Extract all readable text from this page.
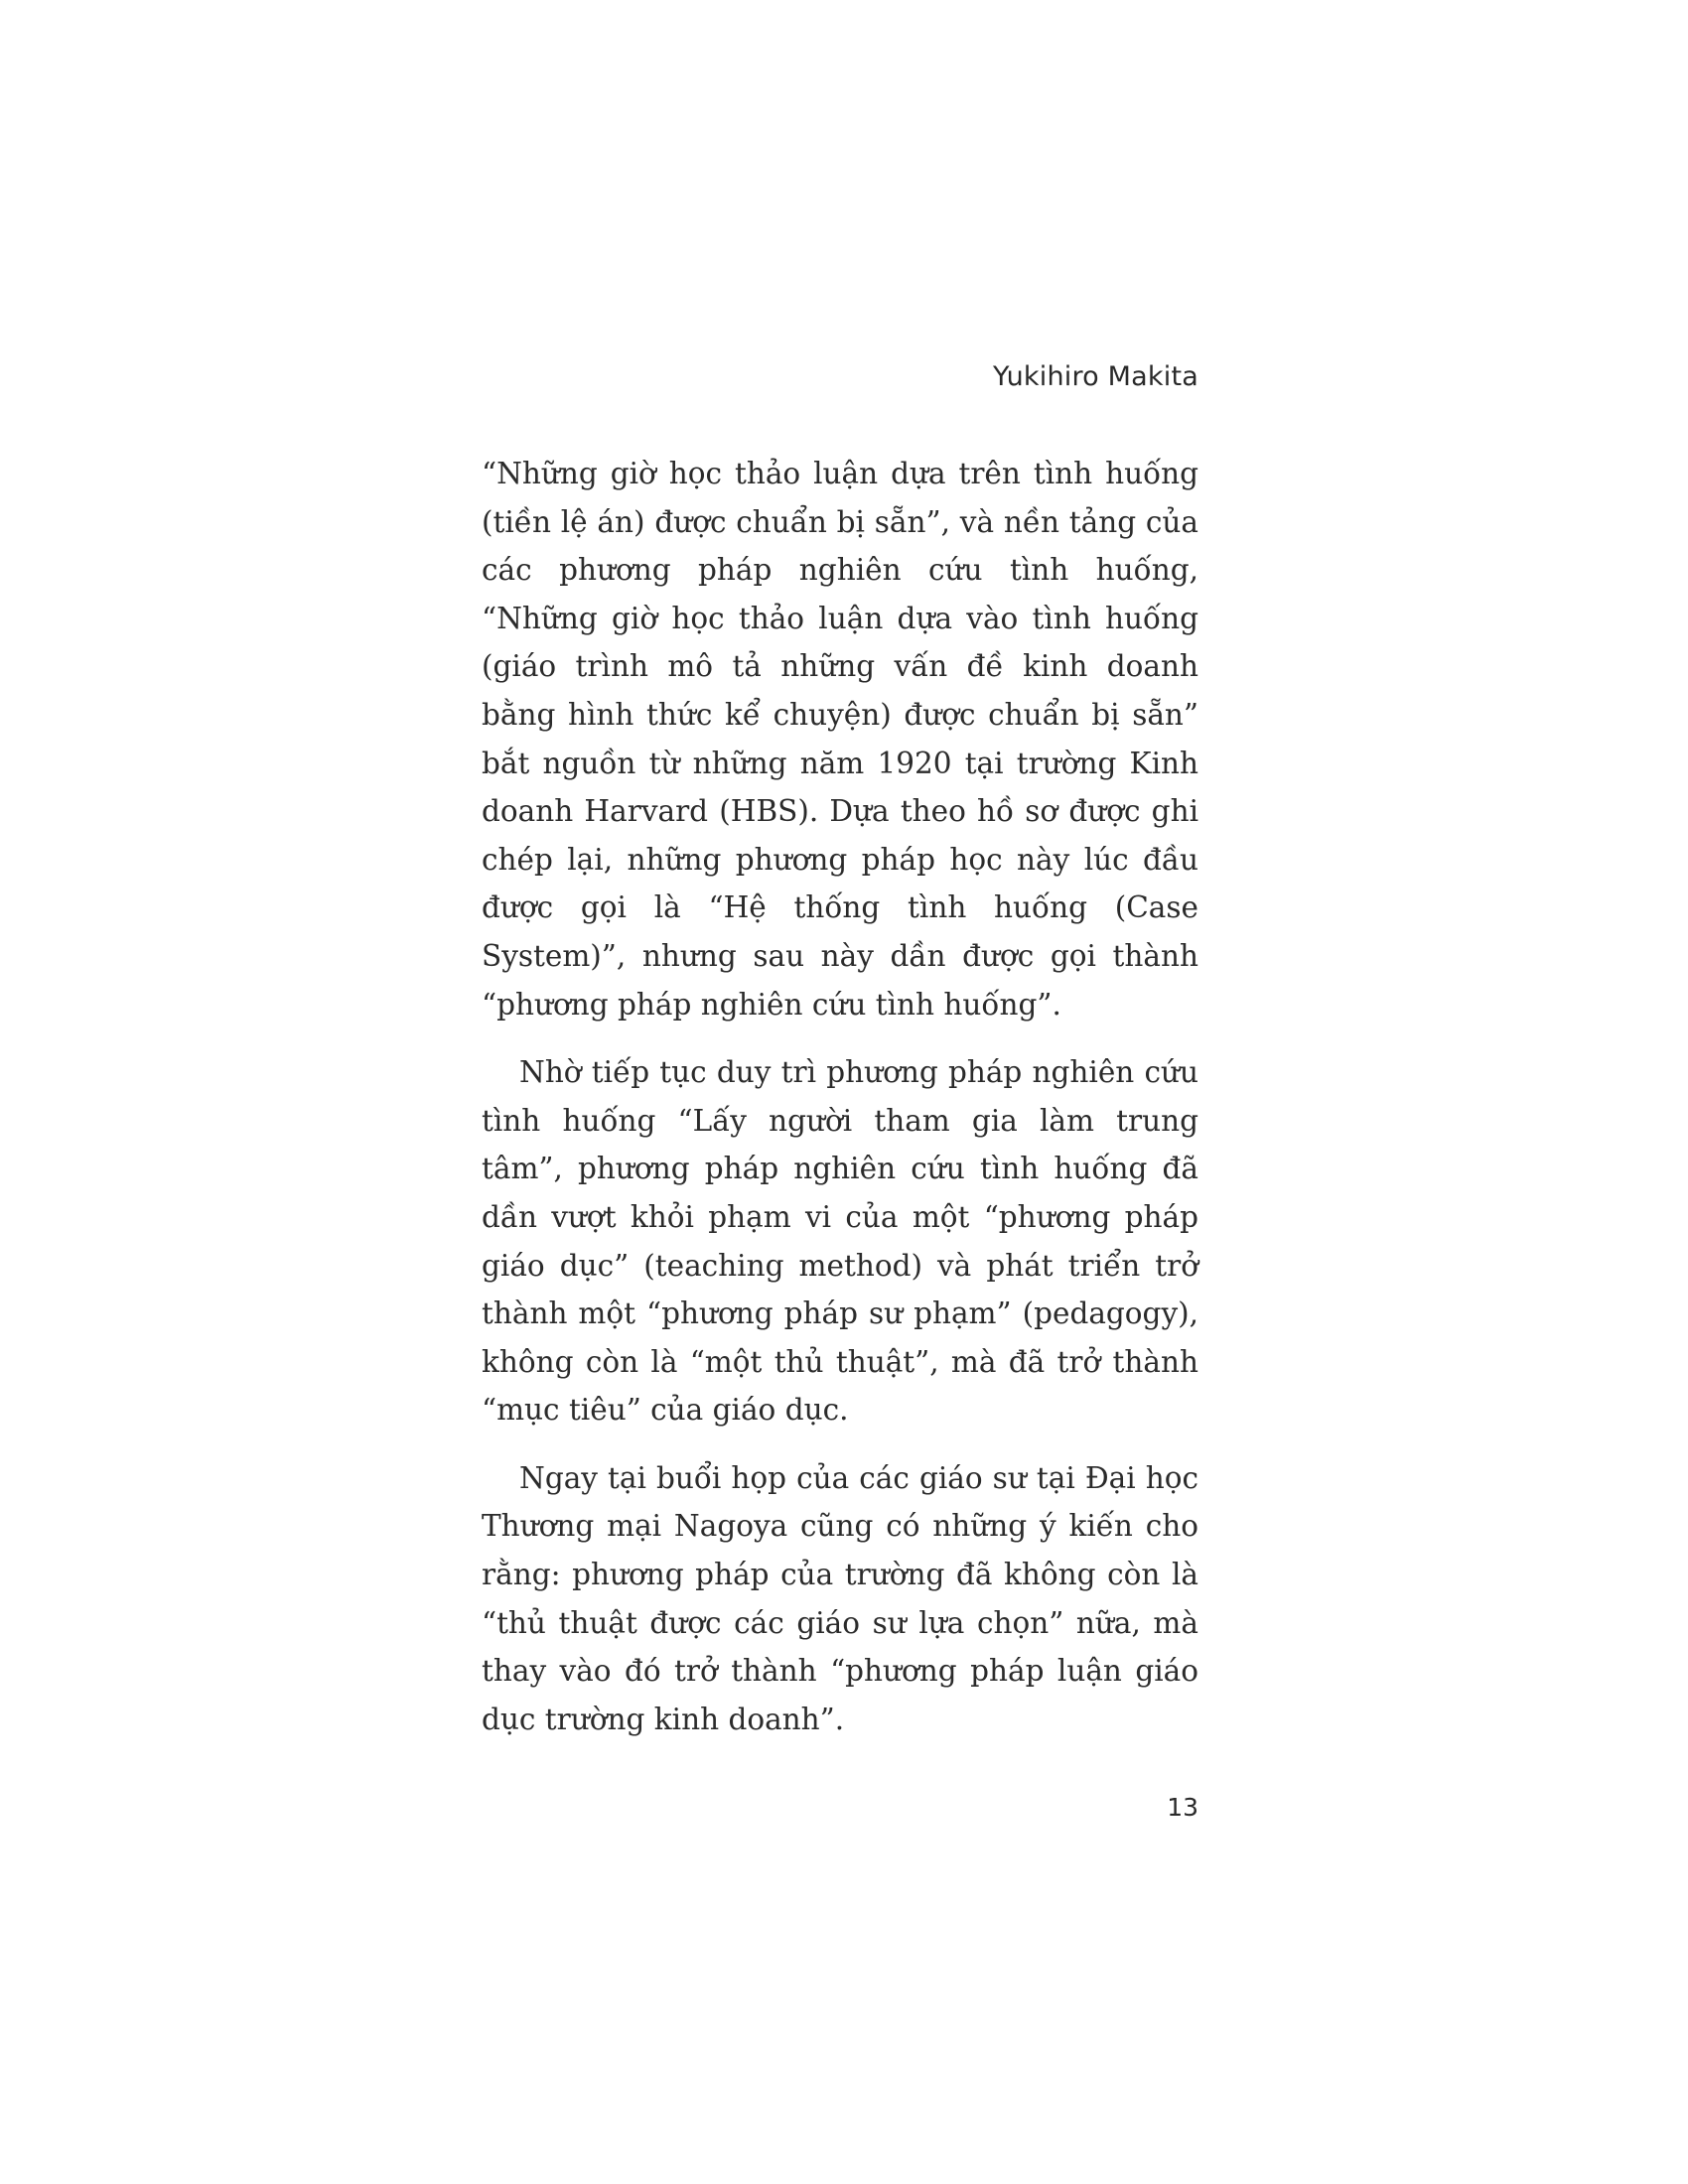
Yukihiro Makita

“Những giờ học thảo luận dựa trên tình huống (tiền lệ án) được chuẩn bị sẵn”, và nền tảng của các phương pháp nghiên cứu tình huống, “Những giờ học thảo luận dựa vào tình huống (giáo trình mô tả những vấn đề kinh doanh bằng hình thức kể chuyện) được chuẩn bị sẵn” bắt nguồn từ những năm 1920 tại trường Kinh doanh Harvard (HBS). Dựa theo hồ sơ được ghi chép lại, những phương pháp học này lúc đầu được gọi là “Hệ thống tình huống (Case System)”, nhưng sau này dần được gọi thành “phương pháp nghiên cứu tình huống”.

Nhờ tiếp tục duy trì phương pháp nghiên cứu tình huống “Lấy người tham gia làm trung tâm”, phương pháp nghiên cứu tình huống đã dần vượt khỏi phạm vi của một “phương pháp giáo dục” (teaching method) và phát triển trở thành một “phương pháp sư phạm” (pedagogy), không còn là “một thủ thuật”, mà đã trở thành “mục tiêu” của giáo dục.

Ngay tại buổi họp của các giáo sư tại Đại học Thương mại Nagoya cũng có những ý kiến cho rằng: phương pháp của trường đã không còn là “thủ thuật được các giáo sư lựa chọn” nữa, mà thay vào đó trở thành “phương pháp luận giáo dục trường kinh doanh”.

13
